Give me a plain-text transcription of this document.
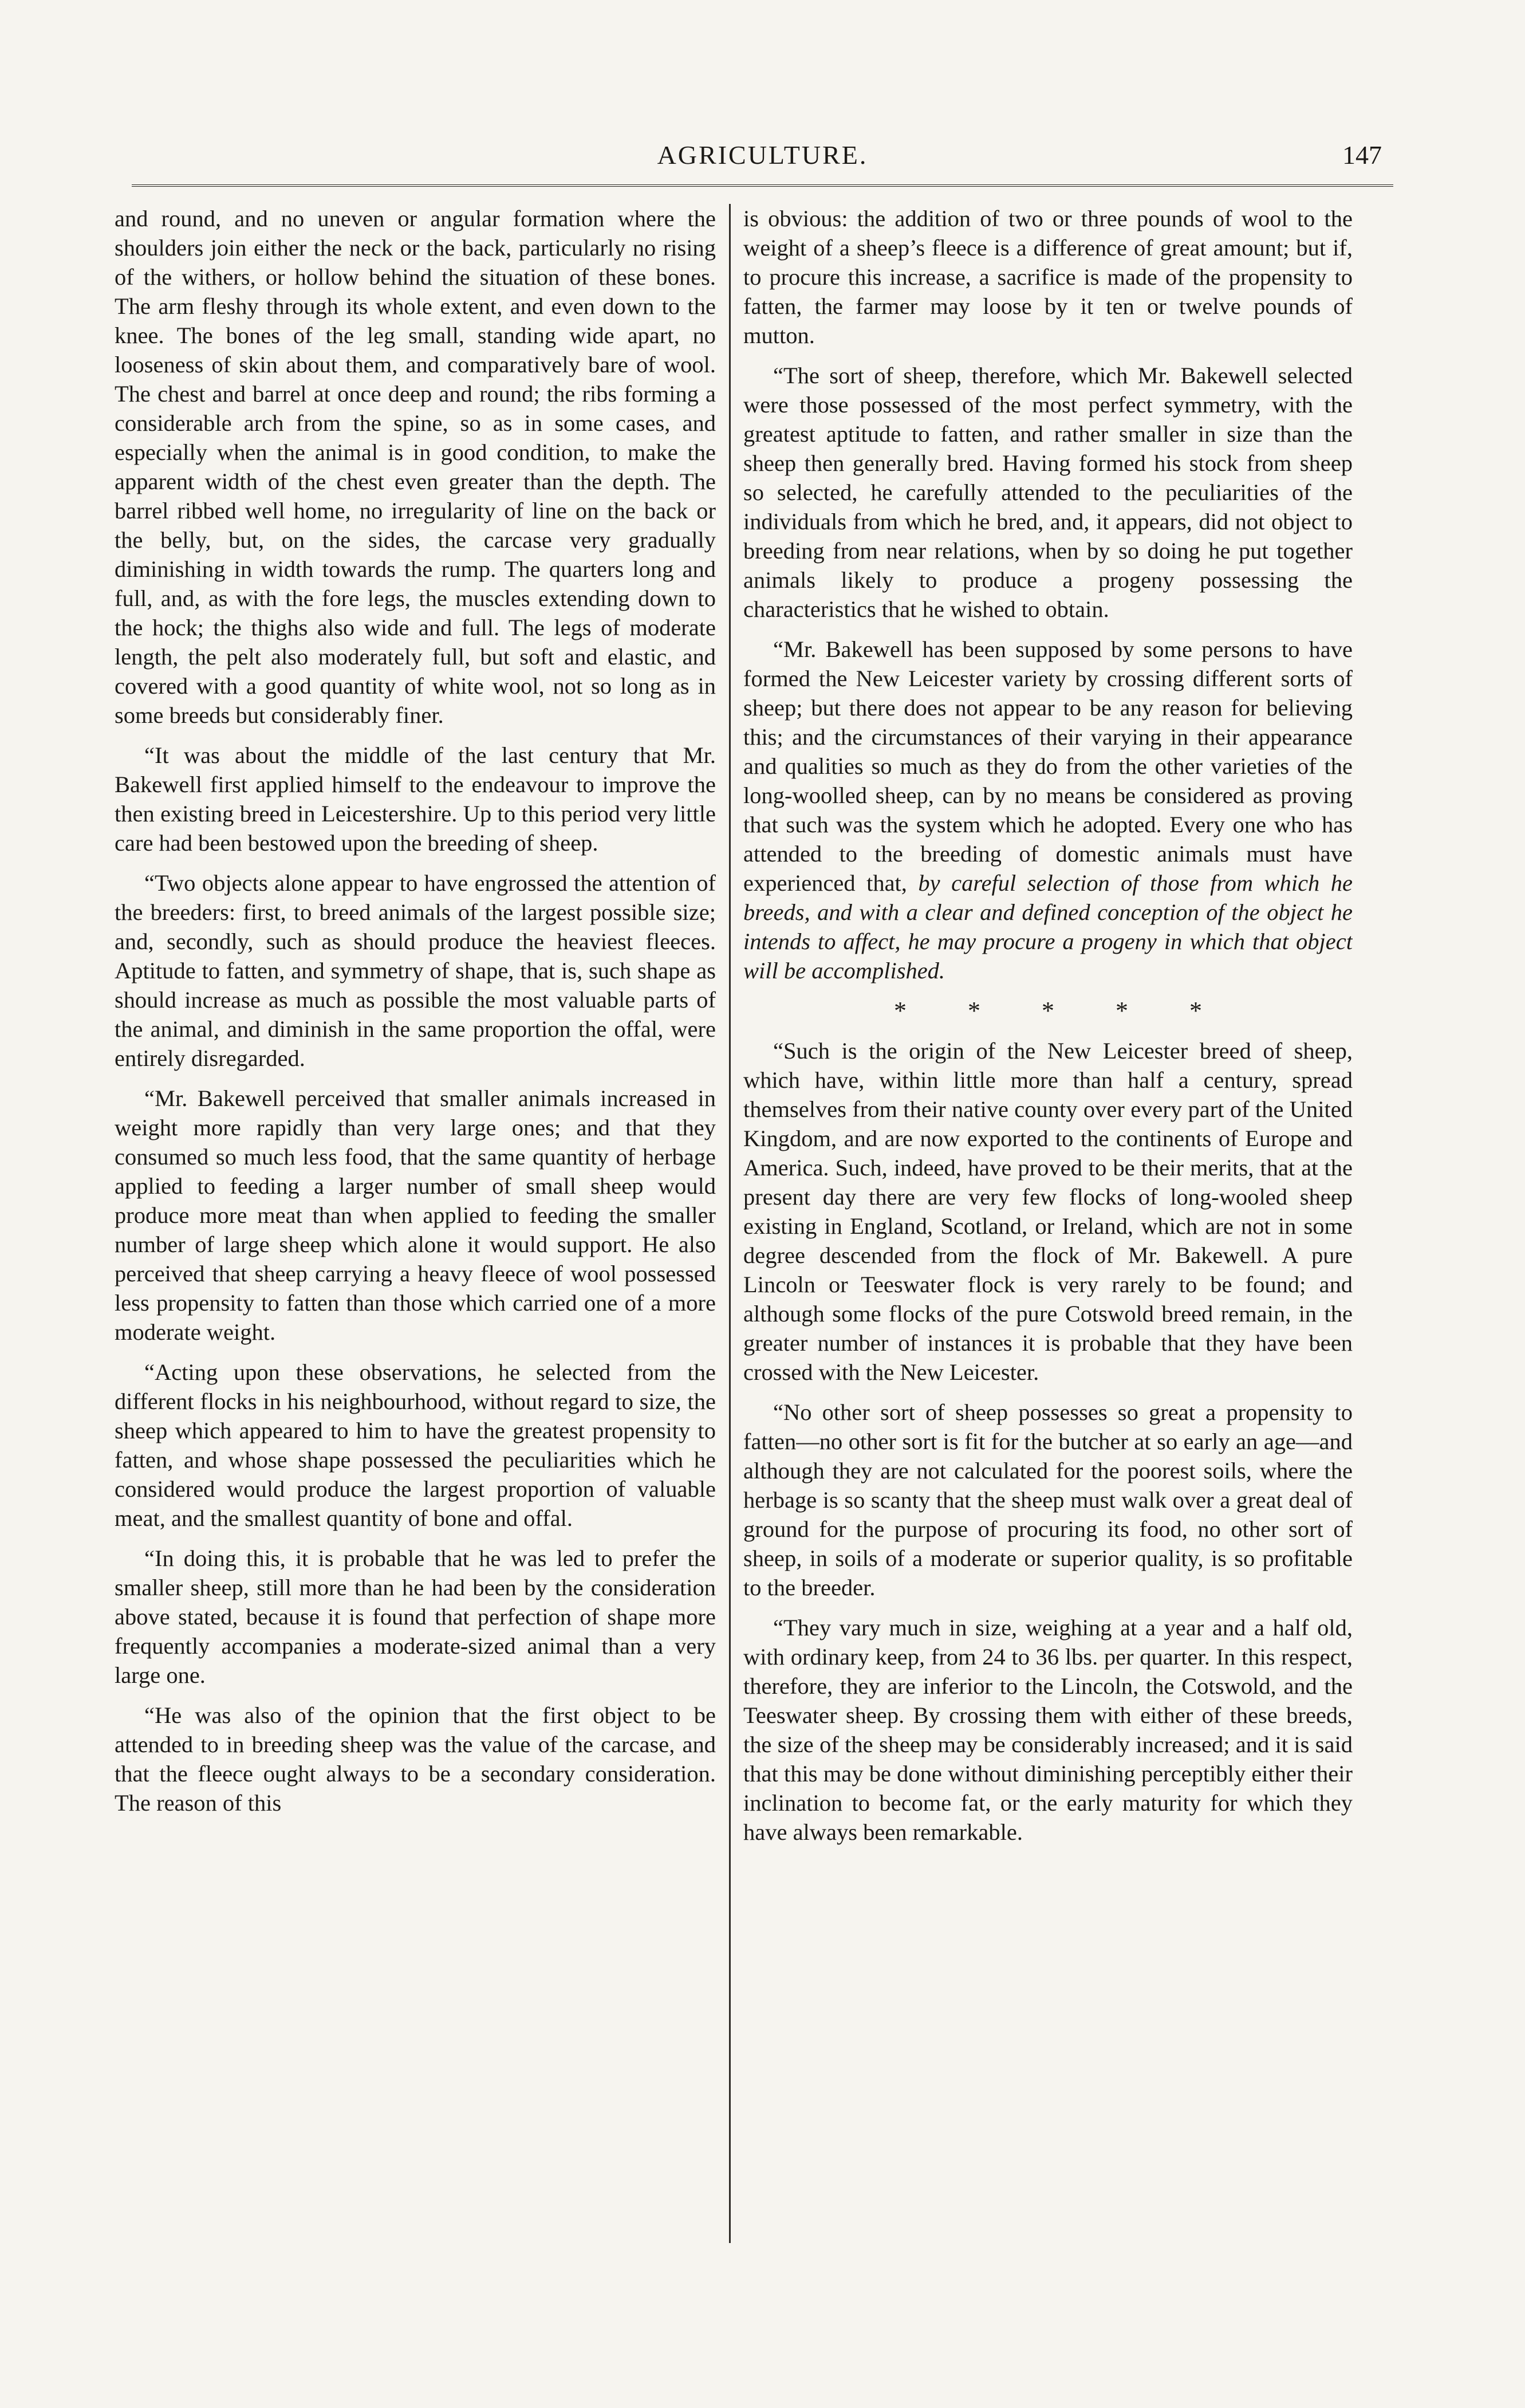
AGRICULTURE.	147

and round, and no uneven or angular formation where the shoulders join either the neck or the back, particularly no rising of the withers, or hollow behind the situation of these bones. The arm fleshy through its whole extent, and even down to the knee. The bones of the leg small, standing wide apart, no looseness of skin about them, and comparatively bare of wool. The chest and barrel at once deep and round; the ribs forming a considerable arch from the spine, so as in some cases, and especially when the animal is in good condition, to make the apparent width of the chest even greater than the depth. The barrel ribbed well home, no irregularity of line on the back or the belly, but, on the sides, the carcase very gradually diminishing in width towards the rump. The quarters long and full, and, as with the fore legs, the muscles extending down to the hock; the thighs also wide and full. The legs of moderate length, the pelt also moderately full, but soft and elastic, and covered with a good quantity of white wool, not so long as in some breeds but considerably finer.

“It was about the middle of the last century that Mr. Bakewell first applied himself to the endeavour to improve the then existing breed in Leicestershire. Up to this period very little care had been bestowed upon the breeding of sheep.

“Two objects alone appear to have engrossed the attention of the breeders: first, to breed animals of the largest possible size; and, secondly, such as should produce the heaviest fleeces. Aptitude to fatten, and symmetry of shape, that is, such shape as should increase as much as possible the most valuable parts of the animal, and diminish in the same proportion the offal, were entirely disregarded.

“Mr. Bakewell perceived that smaller animals increased in weight more rapidly than very large ones; and that they consumed so much less food, that the same quantity of herbage applied to feeding a larger number of small sheep would produce more meat than when applied to feeding the smaller number of large sheep which alone it would support. He also perceived that sheep carrying a heavy fleece of wool possessed less propensity to fatten than those which carried one of a more moderate weight.

“Acting upon these observations, he selected from the different flocks in his neighbourhood, without regard to size, the sheep which appeared to him to have the greatest propensity to fatten, and whose shape possessed the peculiarities which he considered would produce the largest proportion of valuable meat, and the smallest quantity of bone and offal.

“In doing this, it is probable that he was led to prefer the smaller sheep, still more than he had been by the consideration above stated, because it is found that perfection of shape more frequently accompanies a moderate-sized animal than a very large one.

“He was also of the opinion that the first object to be attended to in breeding sheep was the value of the carcase, and that the fleece ought always to be a secondary consideration. The reason of this

is obvious: the addition of two or three pounds of wool to the weight of a sheep’s fleece is a difference of great amount; but if, to procure this increase, a sacrifice is made of the propensity to fatten, the farmer may loose by it ten or twelve pounds of mutton.

“The sort of sheep, therefore, which Mr. Bakewell selected were those possessed of the most perfect symmetry, with the greatest aptitude to fatten, and rather smaller in size than the sheep then generally bred. Having formed his stock from sheep so selected, he carefully attended to the peculiarities of the individuals from which he bred, and, it appears, did not object to breeding from near relations, when by so doing he put together animals likely to produce a progeny possessing the characteristics that he wished to obtain.

“Mr. Bakewell has been supposed by some persons to have formed the New Leicester variety by crossing different sorts of sheep; but there does not appear to be any reason for believing this; and the circumstances of their varying in their appearance and qualities so much as they do from the other varieties of the long-woolled sheep, can by no means be considered as proving that such was the system which he adopted. Every one who has attended to the breeding of domestic animals must have experienced that, by careful selection of those from which he breeds, and with a clear and defined conception of the object he intends to affect, he may procure a progeny in which that object will be accomplished.

* * * * *

“Such is the origin of the New Leicester breed of sheep, which have, within little more than half a century, spread themselves from their native county over every part of the United Kingdom, and are now exported to the continents of Europe and America. Such, indeed, have proved to be their merits, that at the present day there are very few flocks of long-wooled sheep existing in England, Scotland, or Ireland, which are not in some degree descended from the flock of Mr. Bakewell. A pure Lincoln or Teeswater flock is very rarely to be found; and although some flocks of the pure Cotswold breed remain, in the greater number of instances it is probable that they have been crossed with the New Leicester.

“No other sort of sheep possesses so great a propensity to fatten—no other sort is fit for the butcher at so early an age—and although they are not calculated for the poorest soils, where the herbage is so scanty that the sheep must walk over a great deal of ground for the purpose of procuring its food, no other sort of sheep, in soils of a moderate or superior quality, is so profitable to the breeder.

“They vary much in size, weighing at a year and a half old, with ordinary keep, from 24 to 36 lbs. per quarter. In this respect, therefore, they are inferior to the Lincoln, the Cotswold, and the Teeswater sheep. By crossing them with either of these breeds, the size of the sheep may be considerably increased; and it is said that this may be done without diminishing perceptibly either their inclination to become fat, or the early maturity for which they have always been remarkable.
